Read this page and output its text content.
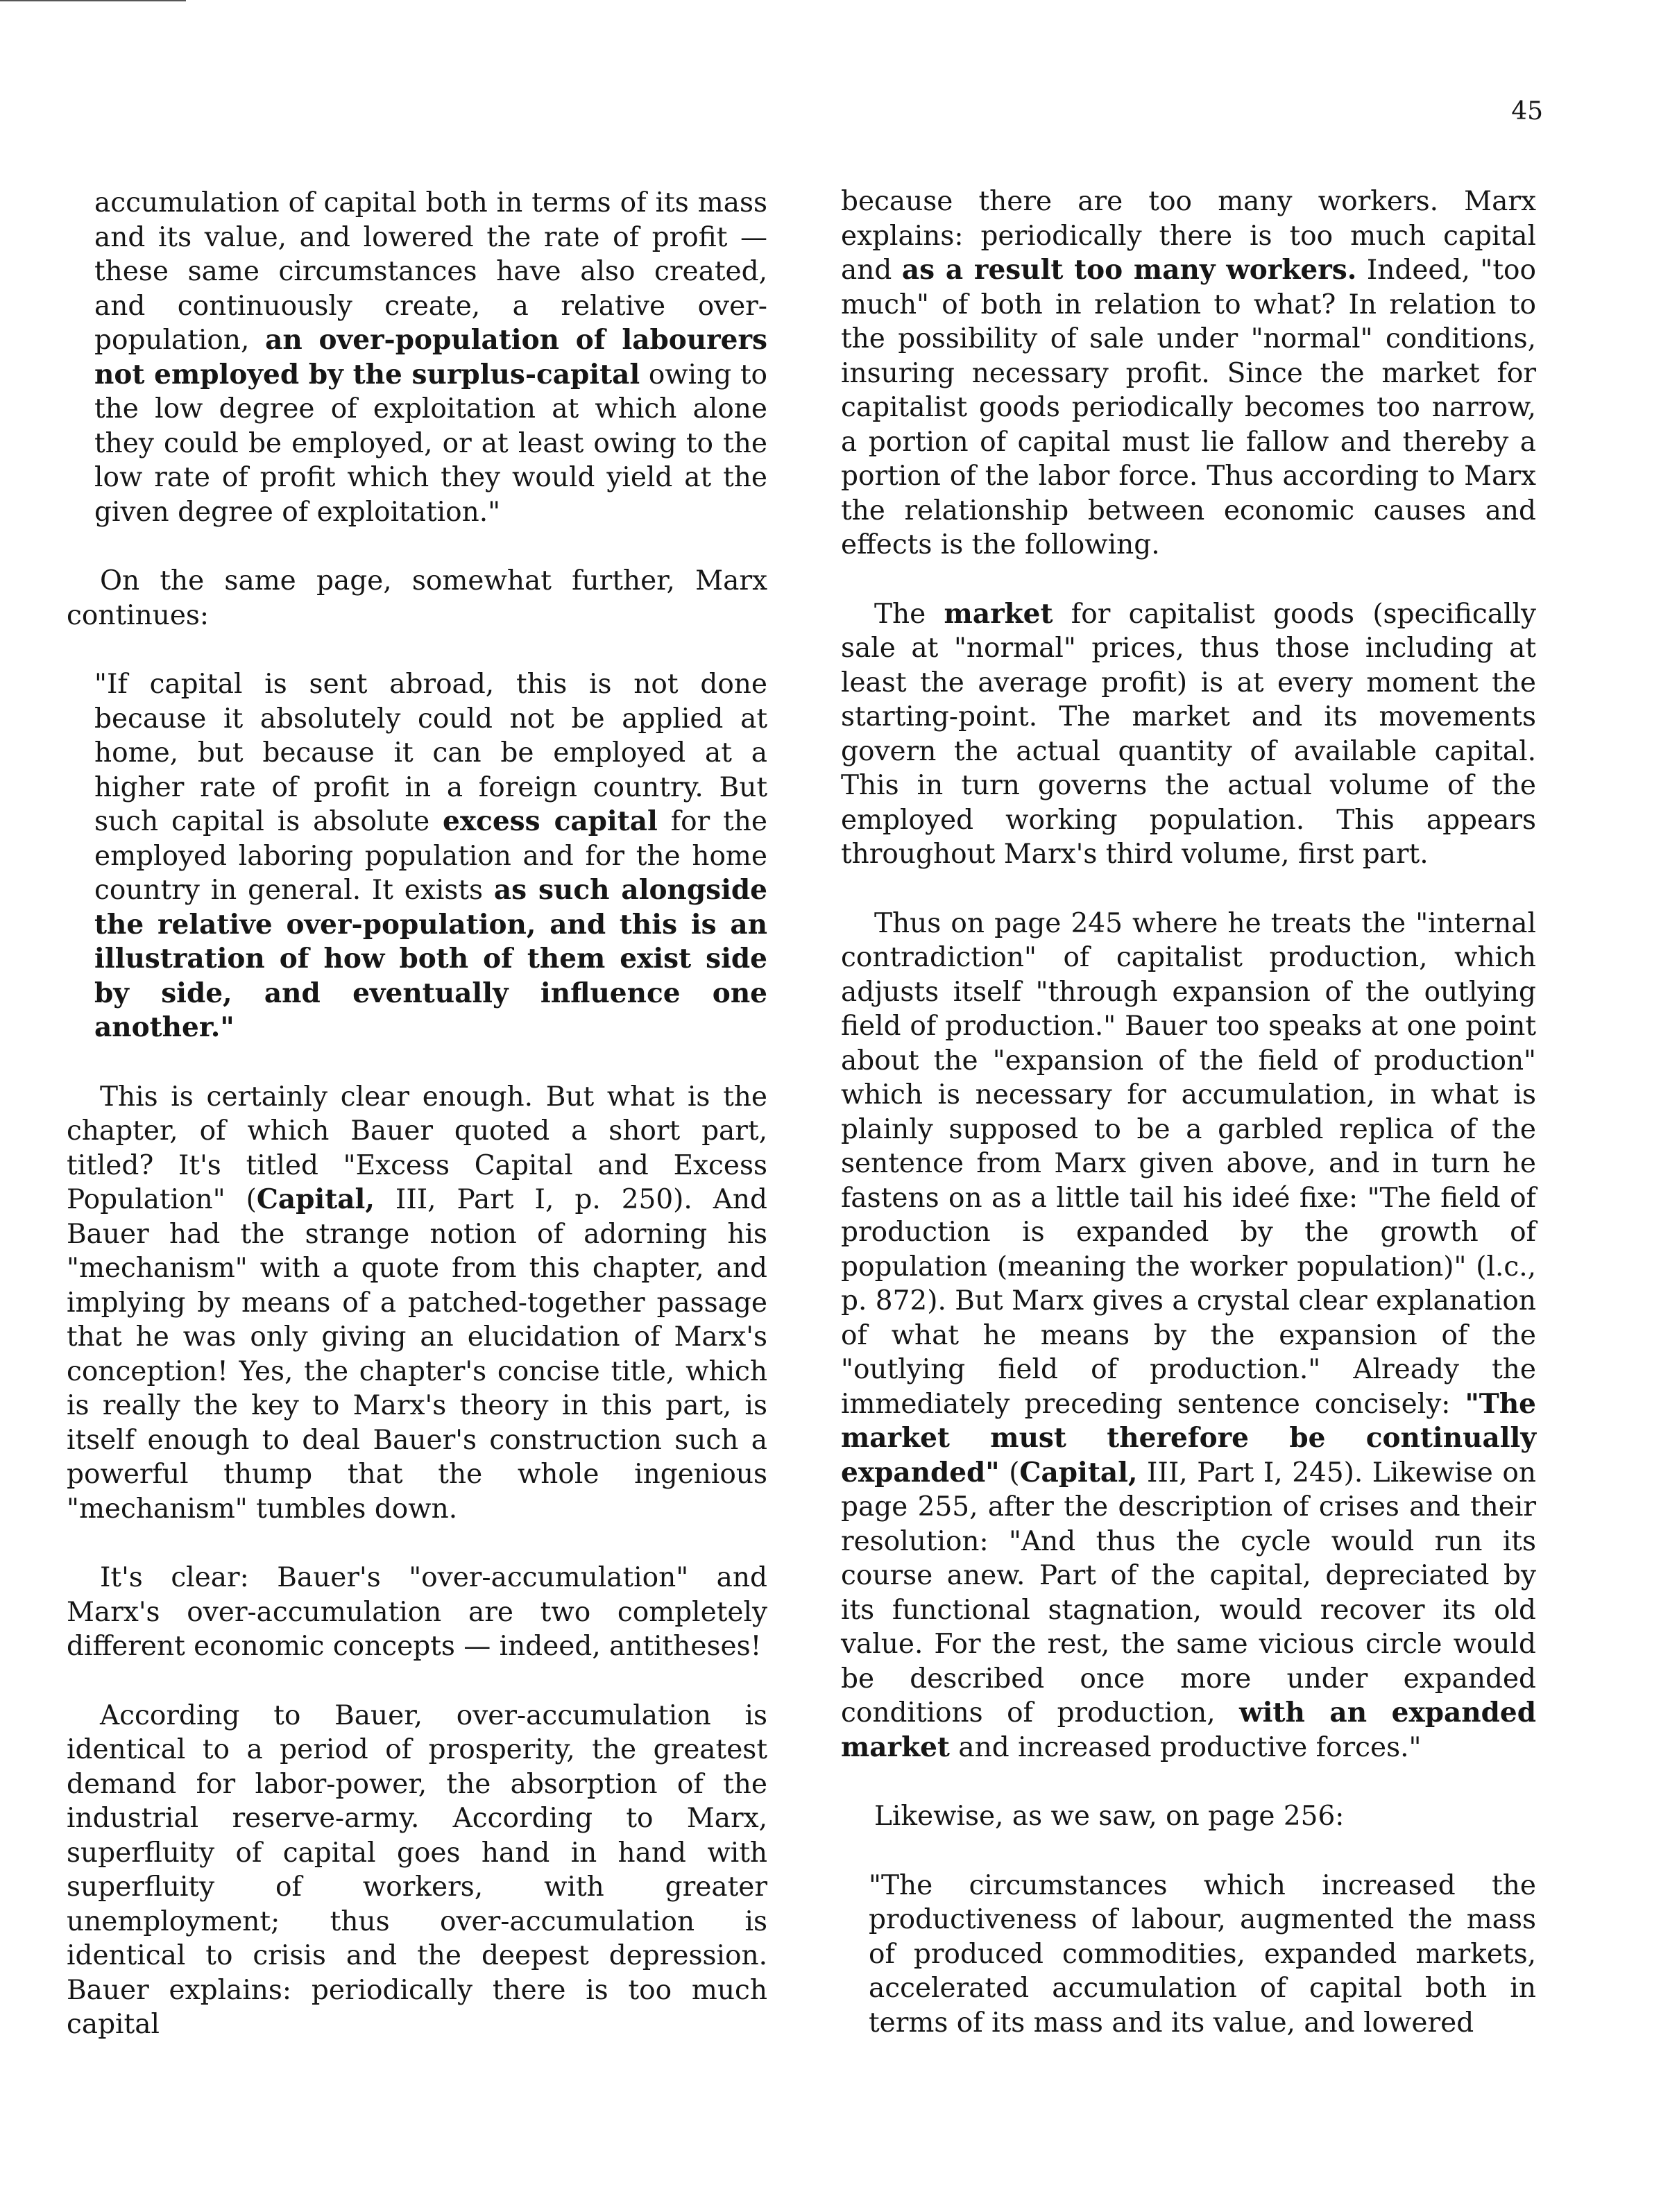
45

accumulation of capital both in terms of its mass and its value, and lowered the rate of profit — these same circumstances have also created, and continuously create, a relative over-population, an over-population of labourers not employed by the surplus-capital owing to the low degree of exploitation at which alone they could be employed, or at least owing to the low rate of profit which they would yield at the given degree of exploitation."

On the same page, somewhat further, Marx continues:

"If capital is sent abroad, this is not done because it absolutely could not be applied at home, but because it can be employed at a higher rate of profit in a foreign country. But such capital is absolute excess capital for the employed laboring population and for the home country in general. It exists as such alongside the relative over-population, and this is an illustration of how both of them exist side by side, and eventually influence one another."

This is certainly clear enough. But what is the chapter, of which Bauer quoted a short part, titled? It's titled "Excess Capital and Excess Population" (Capital, III, Part I, p. 250). And Bauer had the strange notion of adorning his "mechanism" with a quote from this chapter, and implying by means of a patched-together passage that he was only giving an elucidation of Marx's conception! Yes, the chapter's concise title, which is really the key to Marx's theory in this part, is itself enough to deal Bauer's construction such a powerful thump that the whole ingenious "mechanism" tumbles down.

It's clear: Bauer's "over-accumulation" and Marx's over-accumulation are two completely different economic concepts — indeed, antitheses!

According to Bauer, over-accumulation is identical to a period of prosperity, the greatest demand for labor-power, the absorption of the industrial reserve-army. According to Marx, superfluity of capital goes hand in hand with superfluity of workers, with greater unemployment; thus over-accumulation is identical to crisis and the deepest depression. Bauer explains: periodically there is too much capital

because there are too many workers. Marx explains: periodically there is too much capital and as a result too many workers. Indeed, "too much" of both in relation to what? In relation to the possibility of sale under "normal" conditions, insuring necessary profit. Since the market for capitalist goods periodically becomes too narrow, a portion of capital must lie fallow and thereby a portion of the labor force. Thus according to Marx the relationship between economic causes and effects is the following.

The market for capitalist goods (specifically sale at "normal" prices, thus those including at least the average profit) is at every moment the starting-point. The market and its movements govern the actual quantity of available capital. This in turn governs the actual volume of the employed working population. This appears throughout Marx's third volume, first part.

Thus on page 245 where he treats the "internal contradiction" of capitalist production, which adjusts itself "through expansion of the outlying field of production." Bauer too speaks at one point about the "expansion of the field of production" which is necessary for accumulation, in what is plainly supposed to be a garbled replica of the sentence from Marx given above, and in turn he fastens on as a little tail his ideé fixe: "The field of production is expanded by the growth of population (meaning the worker population)" (l.c., p. 872). But Marx gives a crystal clear explanation of what he means by the expansion of the "outlying field of production." Already the immediately preceding sentence concisely: "The market must therefore be continually expanded" (Capital, III, Part I, 245). Likewise on page 255, after the description of crises and their resolution: "And thus the cycle would run its course anew. Part of the capital, depreciated by its functional stagnation, would recover its old value. For the rest, the same vicious circle would be described once more under expanded conditions of production, with an expanded market and increased productive forces."

Likewise, as we saw, on page 256:

"The circumstances which increased the productiveness of labour, augmented the mass of produced commodities, expanded markets, accelerated accumulation of capital both in terms of its mass and its value, and lowered
